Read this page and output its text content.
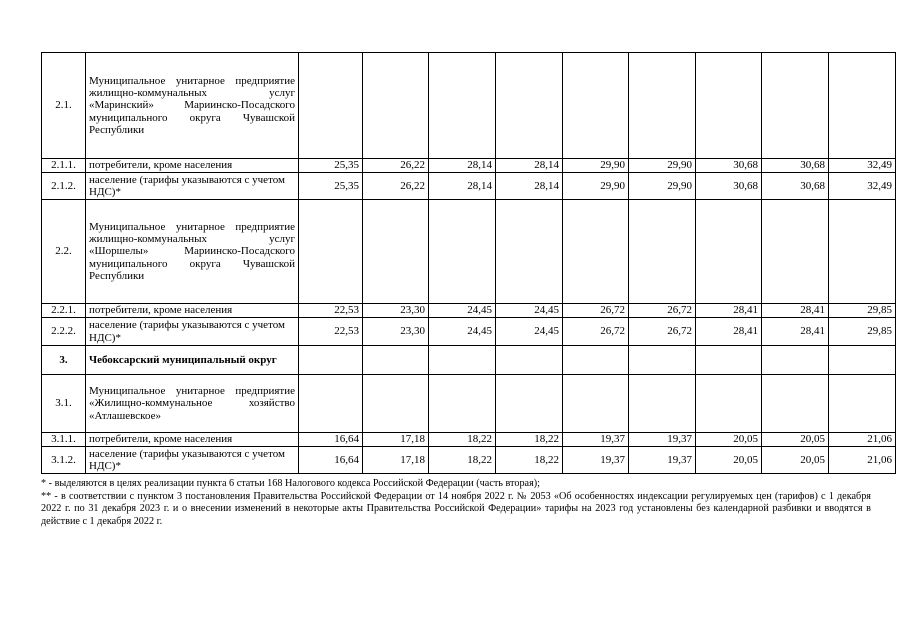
2.1.	Муниципальное унитарное предприятие жилищно-коммунальных услуг «Маринский» Мариинско-Посадского муниципального округа Чувашской Республики									
2.1.1.	потребители, кроме населения	25,35	26,22	28,14	28,14	29,90	29,90	30,68	30,68	32,49
2.1.2.	население (тарифы указываются с учетом НДС)*	25,35	26,22	28,14	28,14	29,90	29,90	30,68	30,68	32,49
2.2.	Муниципальное унитарное предприятие жилищно-коммунальных услуг «Шоршелы» Мариинско-Посадского муниципального округа Чувашской Республики									
2.2.1.	потребители, кроме населения	22,53	23,30	24,45	24,45	26,72	26,72	28,41	28,41	29,85
2.2.2.	население (тарифы указываются с учетом НДС)*	22,53	23,30	24,45	24,45	26,72	26,72	28,41	28,41	29,85
3.	Чебоксарский муниципальный округ									
3.1.	Муниципальное унитарное предприятие «Жилищно-коммунальное хозяйство «Атлашевское»									
3.1.1.	потребители, кроме населения	16,64	17,18	18,22	18,22	19,37	19,37	20,05	20,05	21,06
3.1.2.	население (тарифы указываются с учетом НДС)*	16,64	17,18	18,22	18,22	19,37	19,37	20,05	20,05	21,06

* - выделяются в целях реализации пункта 6 статьи 168 Налогового кодекса Российской Федерации (часть вторая);

** - в соответствии с пунктом 3 постановления Правительства Российской Федерации от 14 ноября 2022 г. № 2053 «Об особенностях индексации регулируемых цен (тарифов) с 1 декабря 2022 г. по 31 декабря 2023 г. и о внесении изменений в некоторые акты Правительства Российской Федерации» тарифы на 2023 год установлены без календарной разбивки и вводятся в действие с 1 декабря 2022 г.
